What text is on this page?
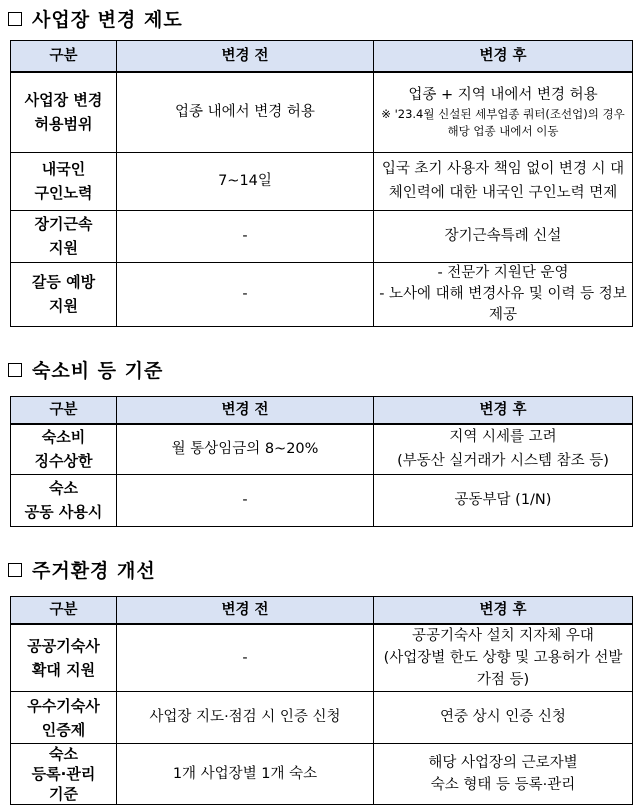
사업장 변경 제도
구분	변경 전	변경 후

사업장 변경
허용범위	업종 내에서 변경 허용	업종 + 지역 내에서 변경 허용
※ '23.4월 신설된 세부업종 쿼터(조선업)의 경우 해당 업종 내에서 이동

내국인
구인노력	7~14일	입국 초기 사용자 책임 없이 변경 시 대체인력에 대한 내국인 구인노력 면제

장기근속
지원	-	장기근속특례 신설

갈등 예방
지원	-	- 전문가 지원단 운영
- 노사에 대해 변경사유 및 이력 등 정보 제공
숙소비 등 기준
구분	변경 전	변경 후

숙소비
징수상한	월 통상임금의 8~20%	지역 시세를 고려
(부동산 실거래가 시스템 참조 등)

숙소
공동 사용시	-	공동부담 (1/N)
주거환경 개선
구분	변경 전	변경 후

공공기숙사
확대 지원	-	공공기숙사 설치 지자체 우대
(사업장별 한도 상향 및 고용허가 선발 가점 등)

우수기숙사
인증제	사업장 지도·점검 시 인증 신청	연중 상시 인증 신청

숙소
등록·관리
기준	1개 사업장별 1개 숙소	해당 사업장의 근로자별
숙소 형태 등 등록·관리
